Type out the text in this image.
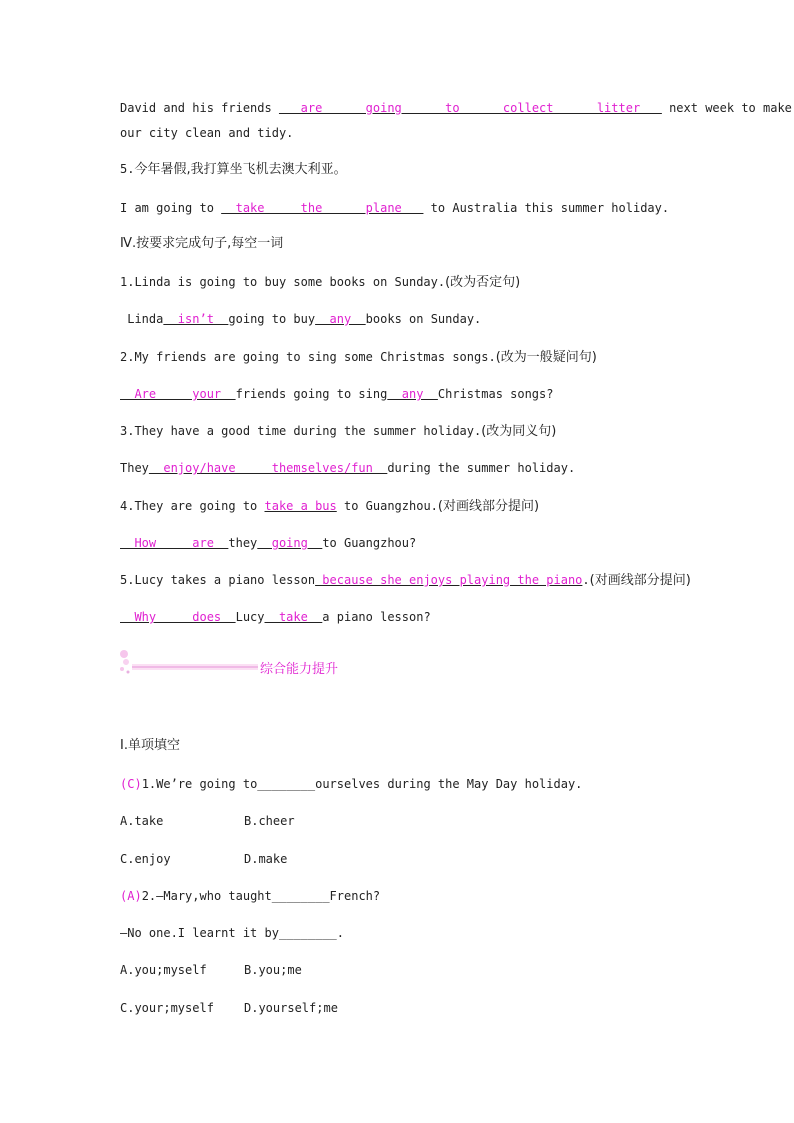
David and his friends    are      going      to      collect      litter    next week to make
our city clean and tidy.
5.今年暑假,我打算坐飞机去澳大利亚。
I am going to   take     the      plane    to Australia this summer holiday.
Ⅳ.按要求完成句子,每空一词
1.Linda is going to buy some books on Sunday.(改为否定句)
Linda  isn’t  going to buy  any  books on Sunday.
2.My friends are going to sing some Christmas songs.(改为一般疑问句)
Are     your  friends going to sing  any  Christmas songs?
3.They have a good time during the summer holiday.(改为同义句)
They  enjoy/have     themselves/fun  during the summer holiday.
4.They are going to take a bus to Guangzhou.(对画线部分提问)
How     are  they  going  to Guangzhou?
5.Lucy takes a piano lesson because she enjoys playing the piano.(对画线部分提问)
Why     does  Lucy  take  a piano lesson?
综合能力提升
Ⅰ.单项填空
(C)1.We’re going to________ourselves during the May Day holiday.
A.take	B.cheer
C.enjoy	D.make
(A)2.—Mary,who taught________French?
—No one.I learnt it by________.
A.you;myself	B.you;me
C.your;myself	D.yourself;me
